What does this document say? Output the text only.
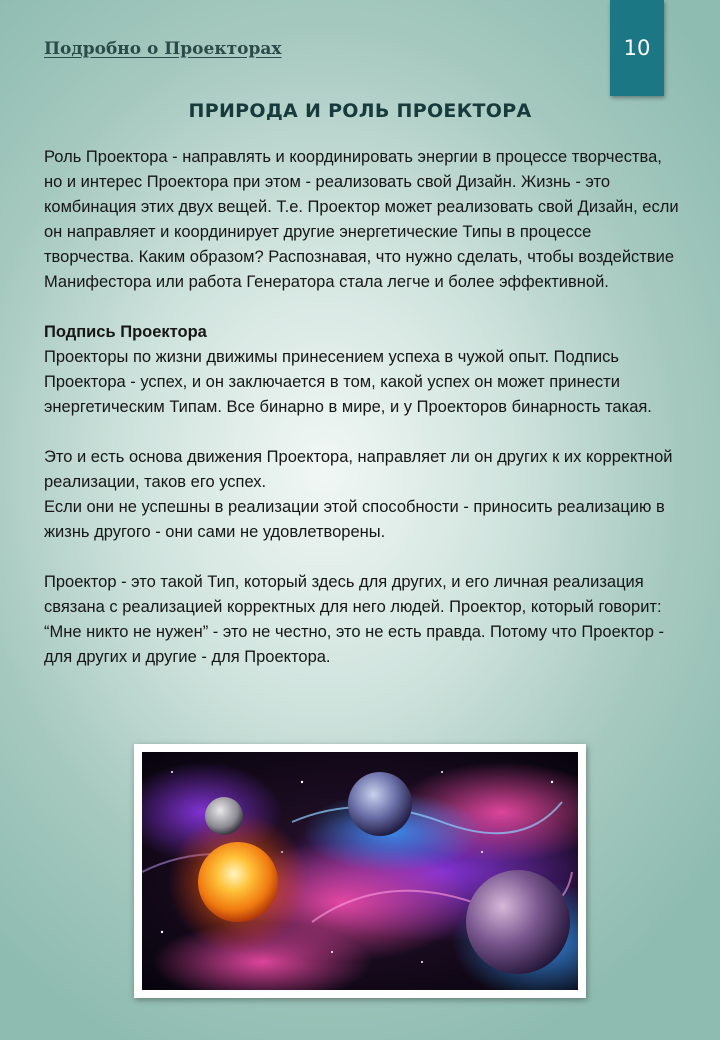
Подробно о Проекторах	10
ПРИРОДА И РОЛЬ ПРОЕКТОРА

Роль Проектора - направлять и координировать энергии в процессе творчества, но и интерес Проектора при этом - реализовать свой Дизайн. Жизнь - это комбинация этих двух вещей. Т.е. Проектор может реализовать свой Дизайн, если он направляет и координирует другие энергетические Типы в процессе творчества. Каким образом? Распознавая, что нужно сделать, чтобы воздействие Манифестора или работа Генератора стала легче и более эффективной.

Подпись Проектора
Проекторы по жизни движимы принесением успеха в чужой опыт. Подпись Проектора - успех, и он заключается в том, какой успех он может принести энергетическим Типам. Все бинарно в мире, и у Проекторов бинарность такая.

Это и есть основа движения Проектора, направляет ли он других к их корректной реализации, таков его успех.
Если они не успешны в реализации этой способности - приносить реализацию в жизнь другого - они сами не удовлетворены.

Проектор - это такой Тип, который здесь для других, и его личная реализация связана с реализацией корректных для него людей. Проектор, который говорит: “Мне никто не нужен” - это не честно, это не есть правда. Потому что Проектор - для других и другие - для Проектора.
